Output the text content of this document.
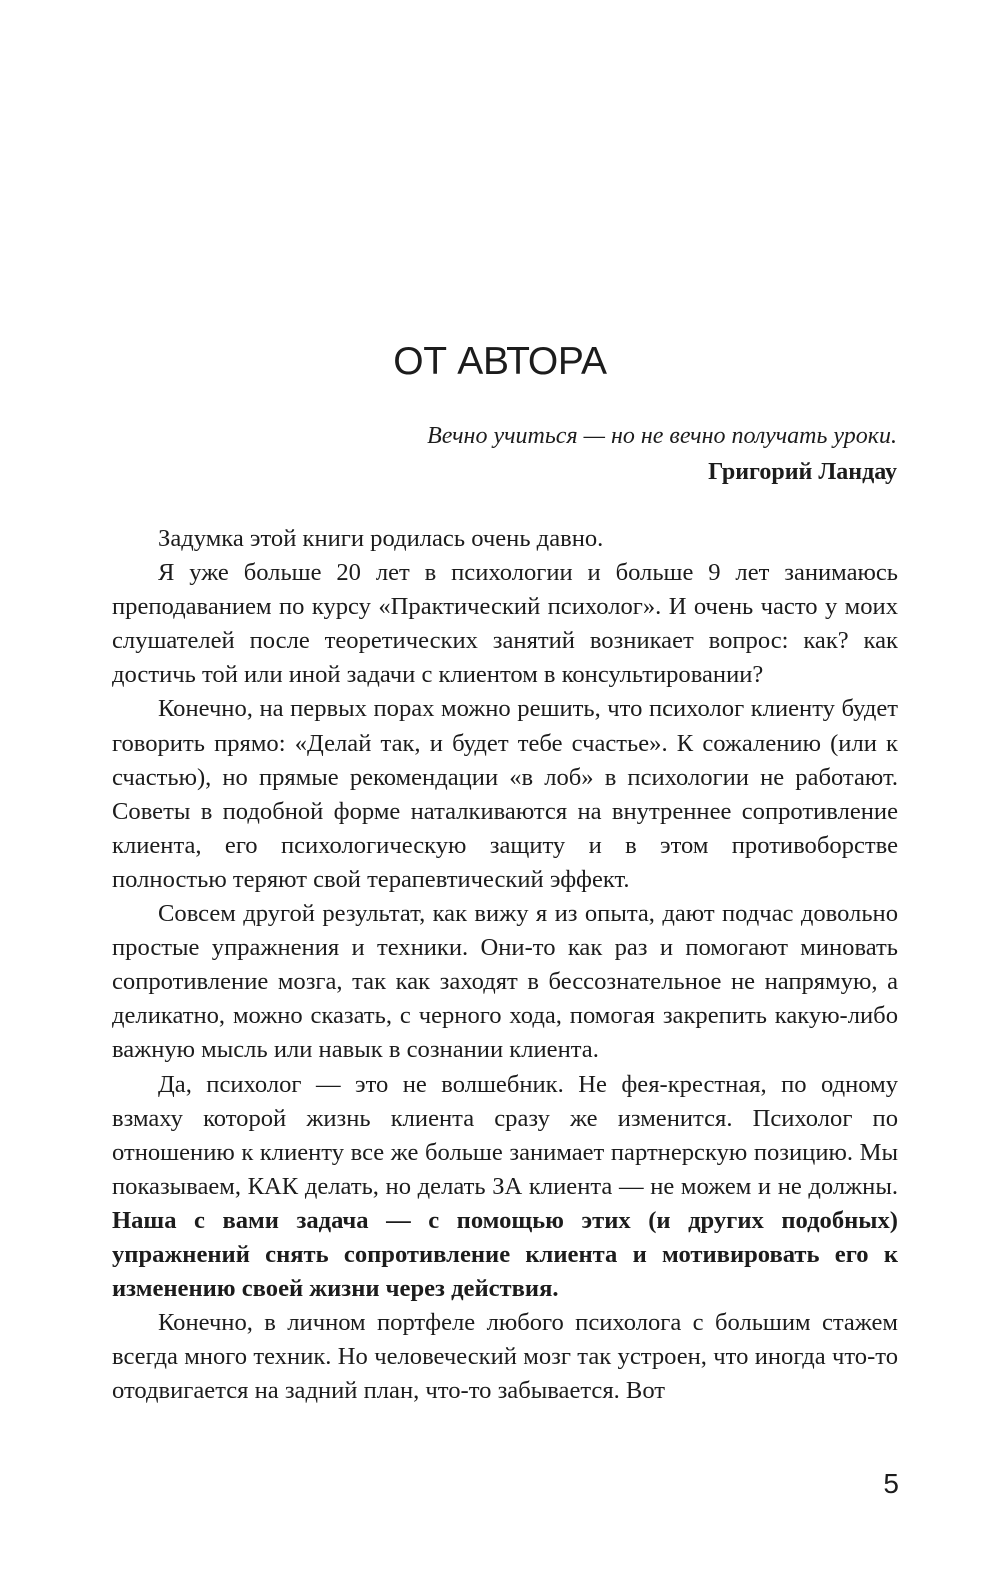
ОТ АВТОРА
Вечно учиться — но не вечно получать уроки.
Григорий Ландау

Задумка этой книги родилась очень давно.

Я уже больше 20 лет в психологии и больше 9 лет занимаюсь преподаванием по курсу «Практический психолог». И очень часто у моих слушателей после теоретических занятий возникает вопрос: как? как достичь той или иной задачи с клиентом в консультировании?

Конечно, на первых порах можно решить, что психолог клиенту будет говорить прямо: «Делай так, и будет тебе счастье». К сожалению (или к счастью), но прямые рекомендации «в лоб» в психологии не работают. Советы в подобной форме наталкиваются на внутреннее сопротивление клиента, его психологическую защиту и в этом противоборстве полностью теряют свой терапевтический эффект.

Совсем другой результат, как вижу я из опыта, дают подчас довольно простые упражнения и техники. Они-то как раз и помогают миновать сопротивление мозга, так как заходят в бессознательное не напрямую, а деликатно, можно сказать, с черного хода, помогая закрепить какую-либо важную мысль или навык в сознании клиента.

Да, психолог — это не волшебник. Не фея-крестная, по одному взмаху которой жизнь клиента сразу же изменится. Психолог по отношению к клиенту все же больше занимает партнерскую позицию. Мы показываем, КАК делать, но делать ЗА клиента — не можем и не должны. Наша с вами задача — с помощью этих (и других подобных) упражнений снять сопротивление клиента и мотивировать его к изменению своей жизни через действия.

Конечно, в личном портфеле любого психолога с большим стажем всегда много техник. Но человеческий мозг так устроен, что иногда что-то отодвигается на задний план, что-то забывается. Вот

5
